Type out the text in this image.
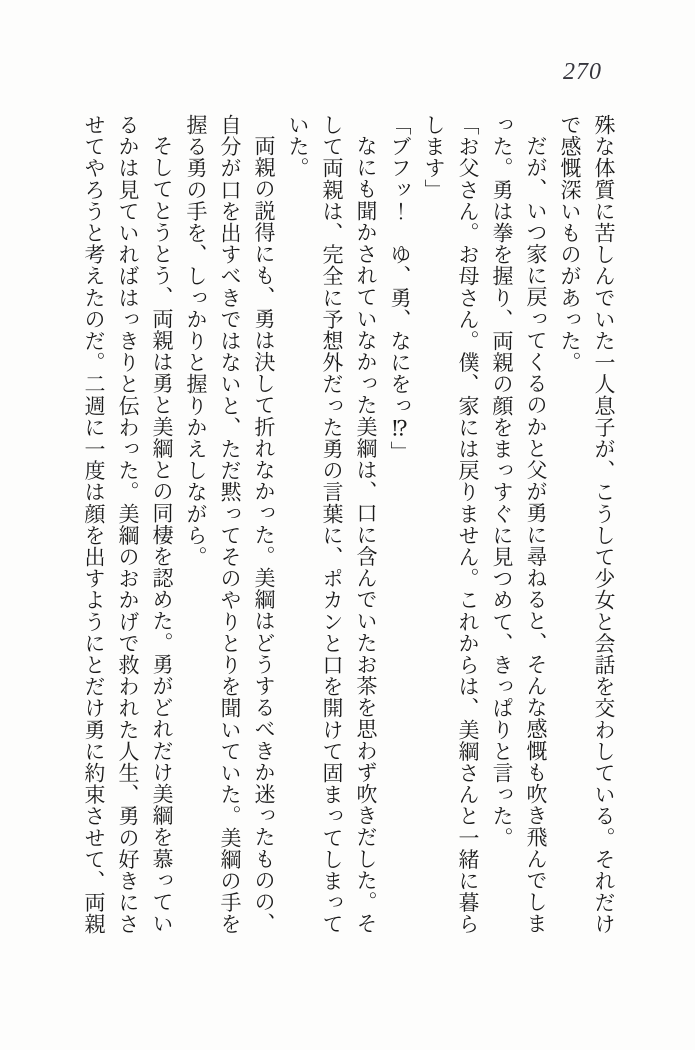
270

殊な体質に苦しんでいた一人息子が、こうして少女と会話を交わしている。それだけで感慨深いものがあった。

だが、いつ家に戻ってくるのかと父が勇に尋ねると、そんな感慨も吹き飛んでしまった。勇は拳を握り、両親の顔をまっすぐに見つめて、きっぱりと言った。

「お父さん。お母さん。僕、家には戻りません。これからは、美綱さんと一緒に暮らします」

「ブフッ！　ゆ、勇、なにをっ⁉」

なにも聞かされていなかった美綱は、口に含んでいたお茶を思わず吹きだした。そして両親は、完全に予想外だった勇の言葉に、ポカンと口を開けて固まってしまっていた。

両親の説得にも、勇は決して折れなかった。美綱はどうするべきか迷ったものの、自分が口を出すべきではないと、ただ黙ってそのやりとりを聞いていた。美綱の手を握る勇の手を、しっかりと握りかえしながら。

そしてとうとう、両親は勇と美綱との同棲を認めた。勇がどれだけ美綱を慕っているかは見ていればはっきりと伝わった。美綱のおかげで救われた人生、勇の好きにさせてやろうと考えたのだ。二週に一度は顔を出すようにとだけ勇に約束させて、両親
